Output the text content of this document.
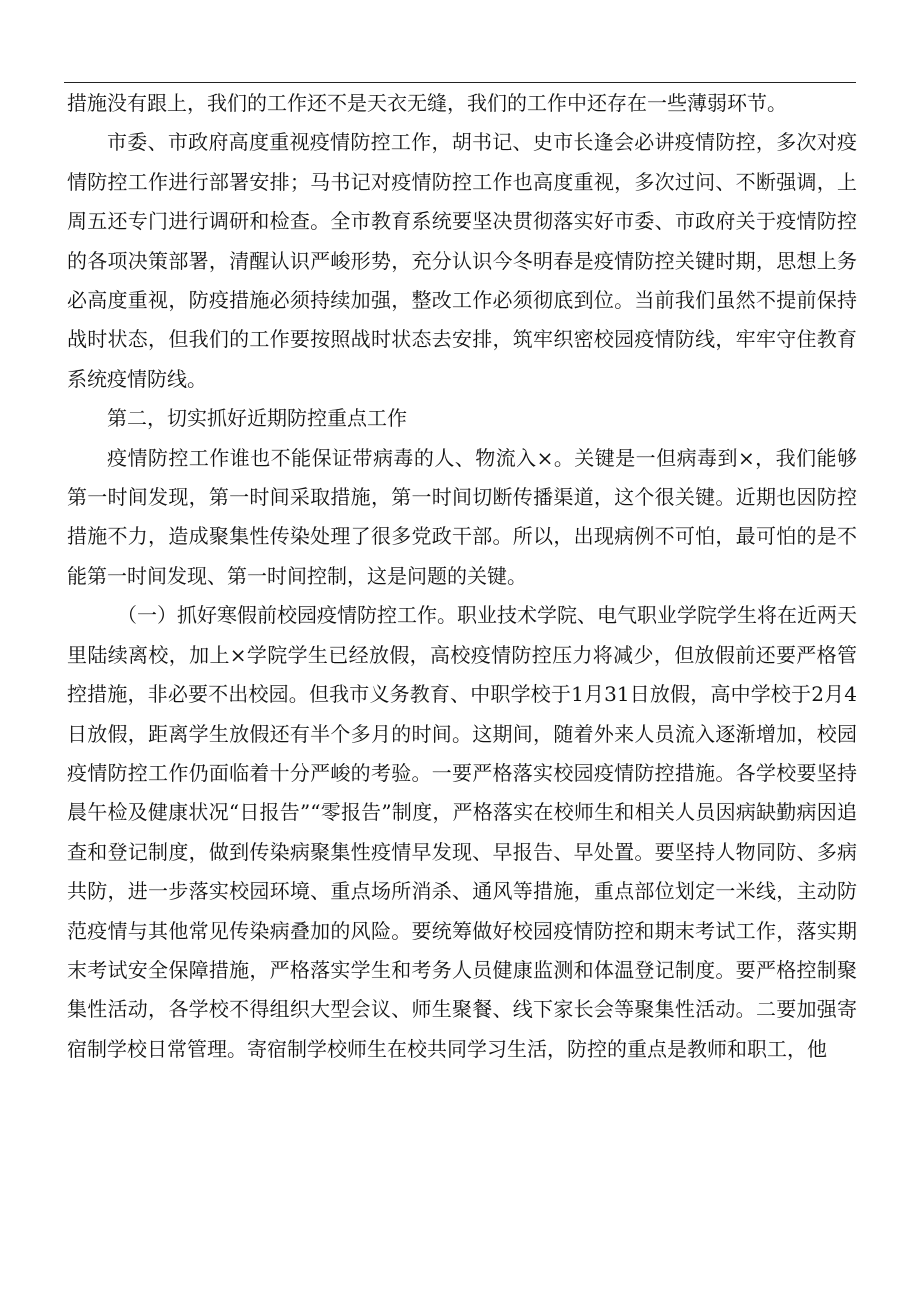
措施没有跟上，我们的工作还不是天衣无缝，我们的工作中还存在一些薄弱环节。

市委、市政府高度重视疫情防控工作，胡书记、史市长逢会必讲疫情防控，多次对疫情防控工作进行部署安排；马书记对疫情防控工作也高度重视，多次过问、不断强调，上周五还专门进行调研和检查。全市教育系统要坚决贯彻落实好市委、市政府关于疫情防控的各项决策部署，清醒认识严峻形势，充分认识今冬明春是疫情防控关键时期，思想上务必高度重视，防疫措施必须持续加强，整改工作必须彻底到位。当前我们虽然不提前保持战时状态，但我们的工作要按照战时状态去安排，筑牢织密校园疫情防线，牢牢守住教育系统疫情防线。

第二，切实抓好近期防控重点工作

疫情防控工作谁也不能保证带病毒的人、物流入×。关键是一但病毒到×，我们能够第一时间发现，第一时间采取措施，第一时间切断传播渠道，这个很关键。近期也因防控措施不力，造成聚集性传染处理了很多党政干部。所以，出现病例不可怕，最可怕的是不能第一时间发现、第一时间控制，这是问题的关键。

（一）抓好寒假前校园疫情防控工作。职业技术学院、电气职业学院学生将在近两天里陆续离校，加上×学院学生已经放假，高校疫情防控压力将减少，但放假前还要严格管控措施，非必要不出校园。但我市义务教育、中职学校于1月31日放假，高中学校于2月4日放假，距离学生放假还有半个多月的时间。这期间，随着外来人员流入逐渐增加，校园疫情防控工作仍面临着十分严峻的考验。一要严格落实校园疫情防控措施。各学校要坚持晨午检及健康状况“日报告”“零报告”制度，严格落实在校师生和相关人员因病缺勤病因追查和登记制度，做到传染病聚集性疫情早发现、早报告、早处置。要坚持人物同防、多病共防，进一步落实校园环境、重点场所消杀、通风等措施，重点部位划定一米线，主动防范疫情与其他常见传染病叠加的风险。要统筹做好校园疫情防控和期末考试工作，落实期末考试安全保障措施，严格落实学生和考务人员健康监测和体温登记制度。要严格控制聚集性活动，各学校不得组织大型会议、师生聚餐、线下家长会等聚集性活动。二要加强寄宿制学校日常管理。寄宿制学校师生在校共同学习生活，防控的重点是教师和职工，他
